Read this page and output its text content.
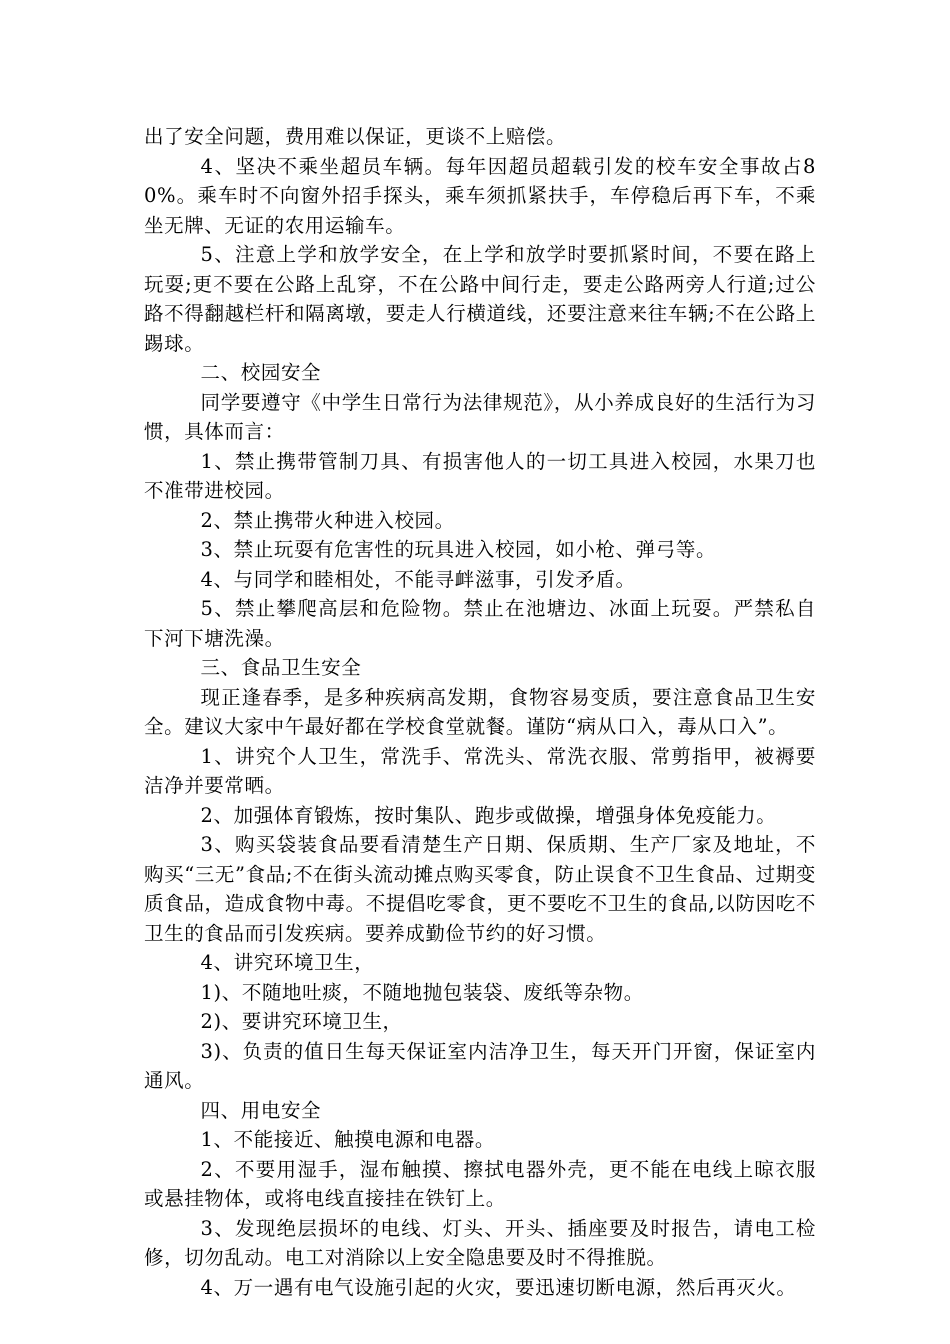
出了安全问题，费用难以保证，更谈不上赔偿。

4、坚决不乘坐超员车辆。每年因超员超载引发的校车安全事故占80%。乘车时不向窗外招手探头，乘车须抓紧扶手，车停稳后再下车，不乘坐无牌、无证的农用运输车。

5、注意上学和放学安全，在上学和放学时要抓紧时间，不要在路上玩耍;更不要在公路上乱穿，不在公路中间行走，要走公路两旁人行道;过公路不得翻越栏杆和隔离墩，要走人行横道线，还要注意来往车辆;不在公路上踢球。

二、校园安全

同学要遵守《中学生日常行为法律规范》，从小养成良好的生活行为习惯，具体而言：

1、禁止携带管制刀具、有损害他人的一切工具进入校园，水果刀也不准带进校园。

2、禁止携带火种进入校园。

3、禁止玩耍有危害性的玩具进入校园，如小枪、弹弓等。

4、与同学和睦相处，不能寻衅滋事，引发矛盾。

5、禁止攀爬高层和危险物。禁止在池塘边、冰面上玩耍。严禁私自下河下塘洗澡。

三、食品卫生安全

现正逢春季，是多种疾病高发期，食物容易变质，要注意食品卫生安全。建议大家中午最好都在学校食堂就餐。谨防“病从口入，毒从口入”。

1、讲究个人卫生，常洗手、常洗头、常洗衣服、常剪指甲，被褥要洁净并要常晒。

2、加强体育锻炼，按时集队、跑步或做操，增强身体免疫能力。

3、购买袋装食品要看清楚生产日期、保质期、生产厂家及地址，不购买“三无”食品;不在街头流动摊点购买零食，防止误食不卫生食品、过期变质食品，造成食物中毒。不提倡吃零食，更不要吃不卫生的食品,以防因吃不卫生的食品而引发疾病。要养成勤俭节约的好习惯。

4、讲究环境卫生，

1)、不随地吐痰，不随地抛包装袋、废纸等杂物。

2)、要讲究环境卫生，

3)、负责的值日生每天保证室内洁净卫生，每天开门开窗，保证室内通风。

四、用电安全

1、不能接近、触摸电源和电器。

2、不要用湿手，湿布触摸、擦拭电器外壳，更不能在电线上晾衣服或悬挂物体，或将电线直接挂在铁钉上。

3、发现绝层损坏的电线、灯头、开头、插座要及时报告，请电工检修，切勿乱动。电工对消除以上安全隐患要及时不得推脱。

4、万一遇有电气设施引起的火灾，要迅速切断电源，然后再灭火。
